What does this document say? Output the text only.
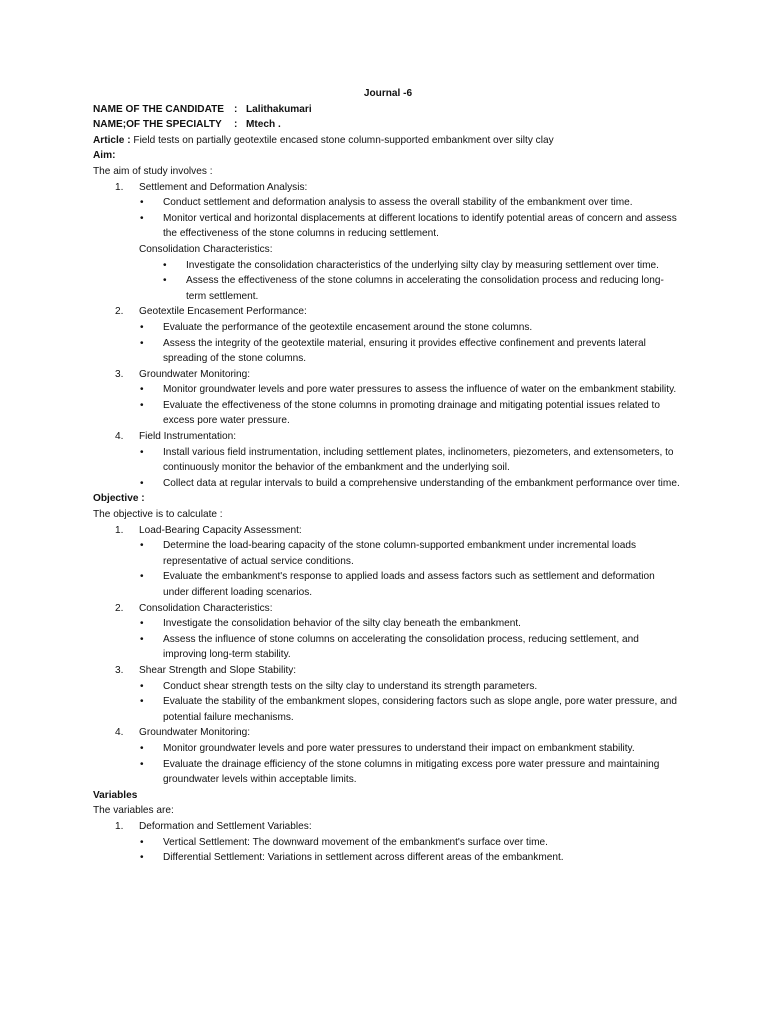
Journal -6
NAME OF THE CANDIDATE : Lalithakumari
NAME;OF THE SPECIALTY	: Mtech .
Article : Field tests on partially geotextile encased stone column-supported embankment over silty clay
Aim:
The aim of study involves :
1. Settlement and Deformation Analysis:
• Conduct settlement and deformation analysis to assess the overall stability of the embankment over time.
• Monitor vertical and horizontal displacements at different locations to identify potential areas of concern and assess the effectiveness of the stone columns in reducing settlement.
Consolidation Characteristics:
• Investigate the consolidation characteristics of the underlying silty clay by measuring settlement over time.
• Assess the effectiveness of the stone columns in accelerating the consolidation process and reducing long-term settlement.
2. Geotextile Encasement Performance:
• Evaluate the performance of the geotextile encasement around the stone columns.
• Assess the integrity of the geotextile material, ensuring it provides effective confinement and prevents lateral spreading of the stone columns.
3. Groundwater Monitoring:
• Monitor groundwater levels and pore water pressures to assess the influence of water on the embankment stability.
• Evaluate the effectiveness of the stone columns in promoting drainage and mitigating potential issues related to excess pore water pressure.
4. Field Instrumentation:
• Install various field instrumentation, including settlement plates, inclinometers, piezometers, and extensometers, to continuously monitor the behavior of the embankment and the underlying soil.
• Collect data at regular intervals to build a comprehensive understanding of the embankment performance over time.
Objective :
The objective is to calculate :
1. Load-Bearing Capacity Assessment:
• Determine the load-bearing capacity of the stone column-supported embankment under incremental loads representative of actual service conditions.
• Evaluate the embankment's response to applied loads and assess factors such as settlement and deformation under different loading scenarios.
2. Consolidation Characteristics:
• Investigate the consolidation behavior of the silty clay beneath the embankment.
• Assess the influence of stone columns on accelerating the consolidation process, reducing settlement, and improving long-term stability.
3. Shear Strength and Slope Stability:
• Conduct shear strength tests on the silty clay to understand its strength parameters.
• Evaluate the stability of the embankment slopes, considering factors such as slope angle, pore water pressure, and potential failure mechanisms.
4. Groundwater Monitoring:
• Monitor groundwater levels and pore water pressures to understand their impact on embankment stability.
• Evaluate the drainage efficiency of the stone columns in mitigating excess pore water pressure and maintaining groundwater levels within acceptable limits.
Variables
The variables are:
1. Deformation and Settlement Variables:
• Vertical Settlement: The downward movement of the embankment's surface over time.
• Differential Settlement: Variations in settlement across different areas of the embankment.
